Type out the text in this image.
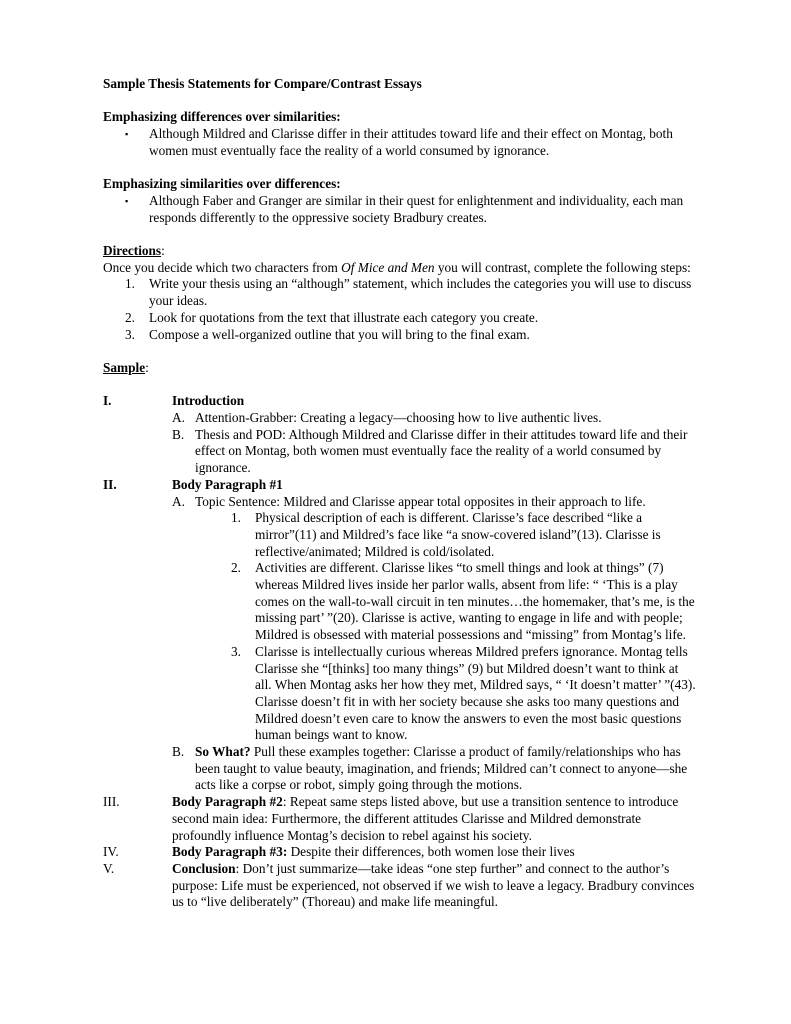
Sample Thesis Statements for Compare/Contrast Essays
Emphasizing differences over similarities:
▪ Although Mildred and Clarisse differ in their attitudes toward life and their effect on Montag, both women must eventually face the reality of a world consumed by ignorance.
Emphasizing similarities over differences:
▪ Although Faber and Granger are similar in their quest for enlightenment and individuality, each man responds differently to the oppressive society Bradbury creates.
Directions:
Once you decide which two characters from Of Mice and Men you will contrast, complete the following steps:
1. Write your thesis using an “although” statement, which includes the categories you will use to discuss your ideas.
2. Look for quotations from the text that illustrate each category you create.
3. Compose a well-organized outline that you will bring to the final exam.
Sample:
I.	Introduction
A. Attention-Grabber: Creating a legacy—choosing how to live authentic lives.
B. Thesis and POD: Although Mildred and Clarisse differ in their attitudes toward life and their effect on Montag, both women must eventually face the reality of a world consumed by ignorance.
II.	Body Paragraph #1
A. Topic Sentence: Mildred and Clarisse appear total opposites in their approach to life.
1. Physical description of each is different. Clarisse’s face described “like a mirror”(11) and Mildred’s face like “a snow-covered island”(13). Clarisse is reflective/animated; Mildred is cold/isolated.
2. Activities are different. Clarisse likes “to smell things and look at things” (7) whereas Mildred lives inside her parlor walls, absent from life: “ ‘This is a play comes on the wall-to-wall circuit in ten minutes…the homemaker, that’s me, is the missing part’ ”(20). Clarisse is active, wanting to engage in life and with people; Mildred is obsessed with material possessions and “missing” from Montag’s life.
3. Clarisse is intellectually curious whereas Mildred prefers ignorance. Montag tells Clarisse she “[thinks] too many things” (9) but Mildred doesn’t want to think at all. When Montag asks her how they met, Mildred says, “ ‘It doesn’t matter’ ”(43). Clarisse doesn’t fit in with her society because she asks too many questions and Mildred doesn’t even care to know the answers to even the most basic questions human beings want to know.
B. So What? Pull these examples together: Clarisse a product of family/relationships who has been taught to value beauty, imagination, and friends; Mildred can’t connect to anyone—she acts like a corpse or robot, simply going through the motions.
III.	Body Paragraph #2: Repeat same steps listed above, but use a transition sentence to introduce second main idea: Furthermore, the different attitudes Clarisse and Mildred demonstrate profoundly influence Montag’s decision to rebel against his society.
IV.	Body Paragraph #3: Despite their differences, both women lose their lives
V.	Conclusion: Don’t just summarize—take ideas “one step further” and connect to the author’s purpose: Life must be experienced, not observed if we wish to leave a legacy. Bradbury convinces us to “live deliberately” (Thoreau) and make life meaningful.
